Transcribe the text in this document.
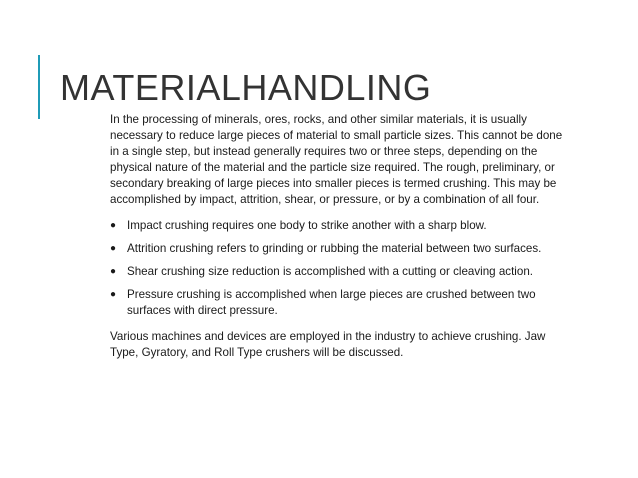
MATERIALHANDLING

In the processing of minerals, ores, rocks, and other similar materials, it is usually necessary to reduce large pieces of material to small particle sizes. This cannot be done in a single step, but instead generally requires two or three steps, depending on the physical nature of the material and the particle size required. The rough, preliminary, or secondary breaking of large pieces into smaller pieces is termed crushing. This may be accomplished by impact, attrition, shear, or pressure, or by a combination of all four.

● Impact crushing requires one body to strike another with a sharp blow.
● Attrition crushing refers to grinding or rubbing the material between two surfaces.
● Shear crushing size reduction is accomplished with a cutting or cleaving action.
● Pressure crushing is accomplished when large pieces are crushed between two surfaces with direct pressure.

Various machines and devices are employed in the industry to achieve crushing. Jaw Type, Gyratory, and Roll Type crushers will be discussed.
